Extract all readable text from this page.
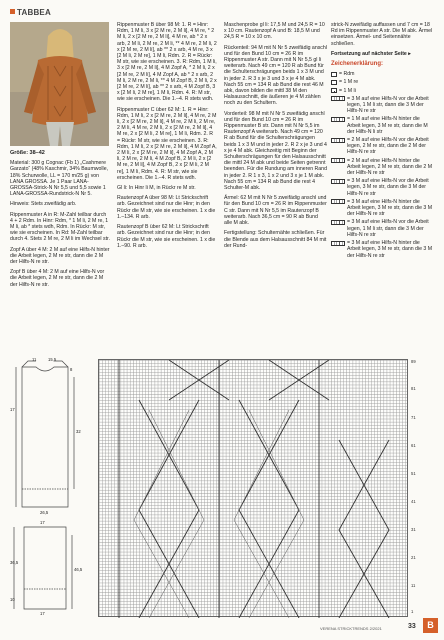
TABBEA

Größe: 38–42

Material: 300 g Cognac (Fb 1) „Cashmere Garzato“ (48% Kaschmir, 34% Baumwolle, 18% Schurwolle, LL = 170 m/25 g) von LANA GROSSA. Je 1 Paar LANA-GROSSA-Strick-N Nr 5,5 und 5,5 sowie 1 LANA-GROSSA-Rundstrick-N Nr 5.

Hinweis: Stets zweifädig arb.

Rippenmuster A in R: M-Zahl teilbar durch 4 + 2 Rdm. In Hinr: Rdm, * 1 M li, 2 M re, 1 M li, ab * stets wdh, Rdm. In Rückr: M str, wie sie erscheinen. In Rd: M-Zahl teilbar durch 4. Stets 2 M re, 2 M li im Wechsel str.

Zopf A über 4 M: 2 M auf eine Hilfs-N hinter die Arbeit legen, 2 M re str, dann die 2 M der Hilfs-N re str.

Zopf B über 4 M: 2 M auf eine Hilfs-N vor die Arbeit legen, 2 M re str, dann die 2 M der Hilfs-N re str.

Rippenmuster B über 98 M: 1. R = Hinr: Rdm, 1 M li, 3 x [2 M re, 2 M li], 4 M re, * 2 M li, 2 x [2 M re, 2 M li], 4 M re, ab * 2 x arb, 2 M li, 2 M re, 2 M li, ** 4 M re, 2 M li, 2 x [2 M re, 2 M li], ab ** 2 x arb, 4 M re, 3 x [2 M li, 2 M re], 1 M li, Rdm. 2. R = Rückr: M str, wie sie erscheinen. 3. R: Rdm, 1 M li, 3 x [2 M re, 2 M li], 4 M Zopf A, * 2 M li, 2 x [2 M re, 2 M li], 4 M Zopf A, ab * 2 x arb, 2 M li, 2 M re, 2 M li, ** 4 M Zopf B, 2 M li, 2 x [2 M re, 2 M li], ab ** 2 x arb, 4 M Zopf B, 3 x [2 M li, 2 M re], 1 M li, Rdm. 4. R: M str, wie sie erscheinen. Die 1.–4. R stets wdh.

Rippenmuster C über 62 M: 1. R = Hinr: Rdm, 1 M li, 2 x [2 M re, 2 M li], 4 M re, 2 M li, 2 x [2 M re, 2 M li], 4 M re, 2 M li, 2 M re, 2 M li, 4 M re, 2 M li, 2 x [2 M re, 2 M li], 4 M re, 2 x [2 M li, 2 M re], 1 M li, Rdm. 2. R = Rückr: M str, wie sie erscheinen. 3. R: Rdm, 1 M li, 2 x [2 M re, 2 M li], 4 M Zopf A, 2 M li, 2 x [2 M re, 2 M li], 4 M Zopf A, 2 M li, 2 M re, 2 M li, 4 M Zopf B, 2 M li, 2 x [2 M re, 2 M li], 4 M Zopf B, 2 x [2 M li, 2 M re], 1 M li, Rdm. 4. R: M str, wie sie erscheinen. Die 1.–4. R stets wdh.

Gl li: In Hinr li M, in Rückr re M str.

Rautenzopf A über 98 M: Lt Strickschrift arb. Gezeichnet sind nur die Hinr; in den Rückr die M str, wie sie erscheinen. 1 x die 1.–134. R arb.

Rautenzopf B über 62 M: Lt Strickschrift arb. Gezeichnet sind nur die Hinr; in den Rückr die M str, wie sie erscheinen. 1 x die 1.–90. R arb.

Maschenprobe gl li: 17,5 M und 24,5 R = 10 x 10 cm. Rautenzopf A und B: 18,5 M und 24,5 R = 10 x 10 cm.

Rückenteil: 94 M mit N Nr 5 zweifädig anschl und für den Bund 10 cm = 26 R im Rippenmuster A str. Dann mit N Nr 5,5 gl li weiterarb. Nach 49 cm = 120 R ab Bund für die Schulterschrägungen beids 1 x 3 M und in jeder 2. R 3 x je 3 und 3 x je 4 M abk. Nach 55 cm = 134 R ab Bund die rest 46 M abk, davon bilden die mittl 38 M den Halsausschnitt, die äußeren je 4 M zählen noch zu den Schultern.

Vorderteil: 98 M mit N Nr 5 zweifädig anschl und für den Bund 10 cm = 26 R im Rippenmuster B str. Dann mit N Nr 5,5 im Rautenzopf A weiterarb. Nach 49 cm = 120 R ab Bund für die Schulterschrägungen beids 1 x 3 M und in jeder 2. R 2 x je 3 und 4 x je 4 M abk. Gleichzeitig mit Beginn der Schulterschrägungen für den Halsausschnitt die mittl 24 M abk und beide Seiten getrennt beenden. Für die Rundung am inneren Rand in jeder 2. R 1 x 3, 1 x 2 und 3 x je 1 M abk. Nach 55 cm = 134 R ab Bund die rest 4 Schulter-M abk.

Ärmel: 62 M mit N Nr 5 zweifädig anschl und für den Bund 10 cm = 26 R im Rippenmuster C str. Dann mit N Nr 5,5 im Rautenzopf B weiterarb. Nach 36,5 cm = 90 R ab Bund alle M abk.

Fertigstellung: Schulternähte schließen. Für die Blende aus dem Halsausschnitt 84 M mit der Rund-

strick-N zweifädig auffassen und 7 cm = 18 Rd im Rippenmuster A str. Die M abk. Ärmel einsetzen. Ärmel- und Seitennähte schließen.

Fortsetzung auf nächster Seite ▸

Zeichenerklärung:

= Rdm
= 1 M re
= 1 M li
= 3 M auf eine Hilfs-N vor die Arbeit legen, 1 M li str, dann die 3 M der Hilfs-N re str
= 1 M auf eine Hilfs-N hinter die Arbeit legen, 3 M re str, dann die M der Hilfs-N li str
= 2 M auf eine Hilfs-N vor die Arbeit legen, 2 M re str, dann die 2 M der Hilfs-N re str
= 2 M auf eine Hilfs-N hinter die Arbeit legen, 2 M re str, dann die 2 M der Hilfs-N re str
= 3 M auf eine Hilfs-N vor die Arbeit legen, 3 M re str, dann die 3 M der Hilfs-N re str
= 3 M auf eine Hilfs-N hinter die Arbeit legen, 3 M re str, dann die 3 M der Hilfs-N re str
= 3 M auf eine Hilfs-N vor die Arbeit legen, 1 M li str, dann die 3 M der Hilfs-N re str
= 3 M auf eine Hilfs-N hinter die Arbeit legen, 3 M re str, dann die 3 M der Hilfs-N re str
11	15,5
8
17
32
26,5
17
36,5
46,5
10
17
89
81
71
61
51
41
31
21
11
1
VERENA STRICKTRENDS 2/2021	33	B
